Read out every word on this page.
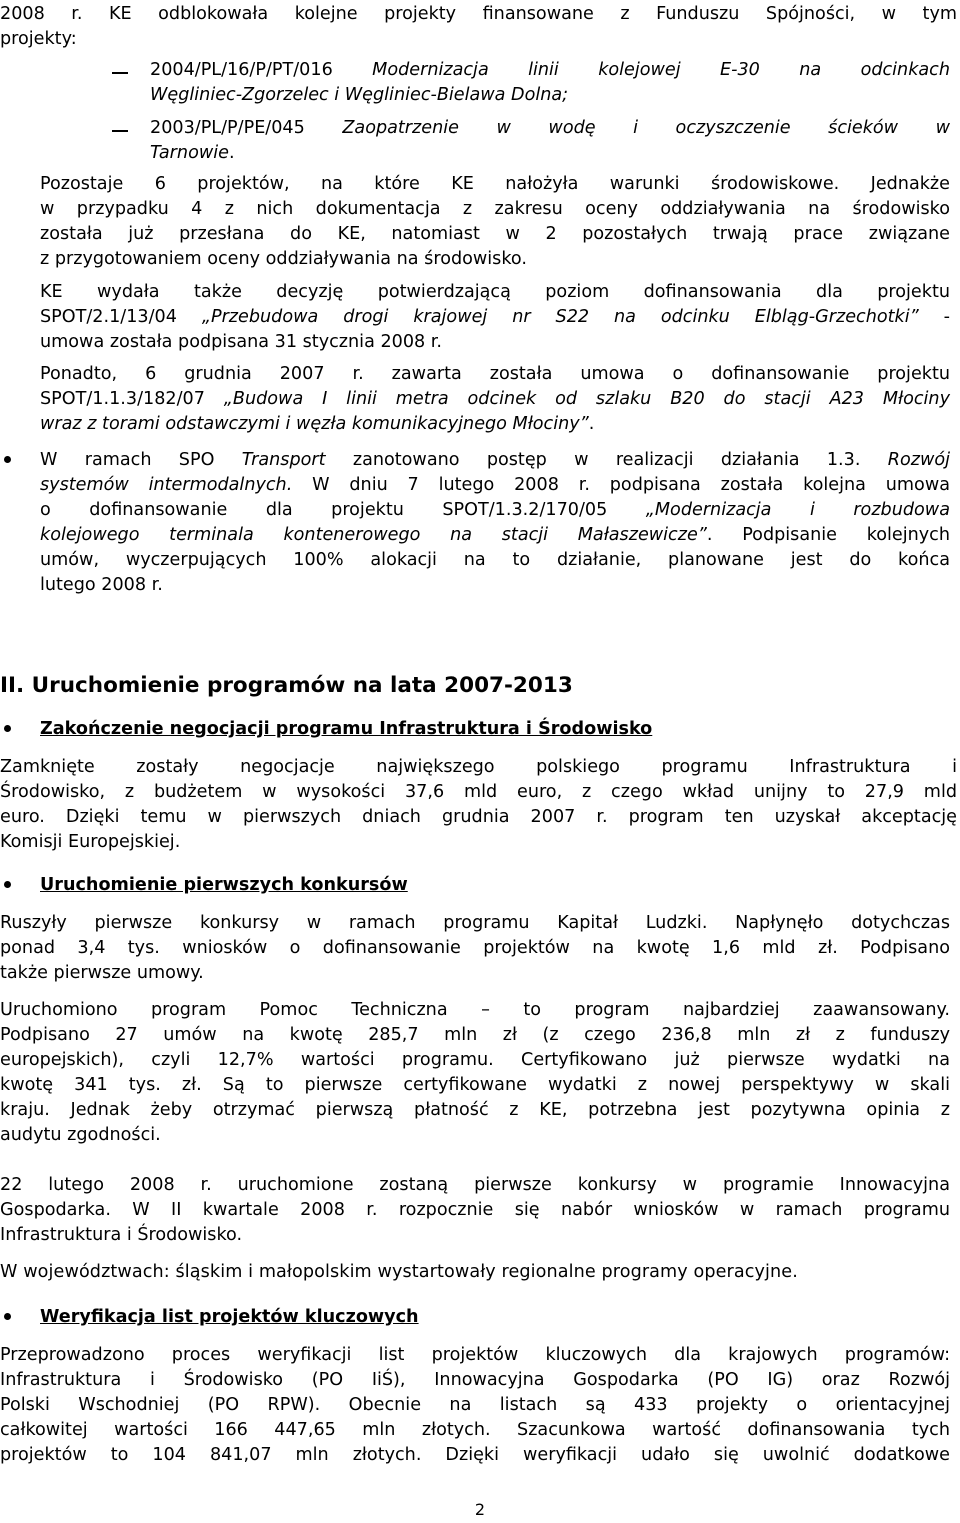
2008 r. KE odblokowała kolejne projekty finansowane z Funduszu Spójności, w tym
projekty:
2004/PL/16/P/PT/016 Modernizacja linii kolejowej E-30 na odcinkach
Węgliniec-Zgorzelec i Węgliniec-Bielawa Dolna;
2003/PL/P/PE/045 Zaopatrzenie w wodę i oczyszczenie ścieków w
Tarnowie.
Pozostaje 6 projektów, na które KE nałożyła warunki środowiskowe. Jednakże
w przypadku 4 z nich dokumentacja z zakresu oceny oddziaływania na środowisko
została już przesłana do KE, natomiast w 2 pozostałych trwają prace związane
z przygotowaniem oceny oddziaływania na środowisko.
KE wydała także decyzję potwierdzającą poziom dofinansowania dla projektu
SPOT/2.1/13/04 „Przebudowa drogi krajowej nr S22 na odcinku Elbląg-Grzechotki” -
umowa została podpisana 31 stycznia 2008 r.
Ponadto, 6 grudnia 2007 r. zawarta została umowa o dofinansowanie projektu
SPOT/1.1.3/182/07 „Budowa I linii metra odcinek od szlaku B20 do stacji A23 Młociny
wraz z torami odstawczymi i węzła komunikacyjnego Młociny”.
W ramach SPO Transport zanotowano postęp w realizacji działania 1.3. Rozwój
systemów intermodalnych. W dniu 7 lutego 2008 r. podpisana została kolejna umowa
o dofinansowanie dla projektu SPOT/1.3.2/170/05 „Modernizacja i rozbudowa
kolejowego terminala kontenerowego na stacji Małaszewicze”. Podpisanie kolejnych
umów, wyczerpujących 100% alokacji na to działanie, planowane jest do końca
lutego 2008 r.
II. Uruchomienie programów na lata 2007-2013
Zakończenie negocjacji programu Infrastruktura i Środowisko
Zamknięte zostały negocjacje największego polskiego programu Infrastruktura i
Środowisko, z budżetem w wysokości 37,6 mld euro, z czego wkład unijny to 27,9 mld
euro. Dzięki temu w pierwszych dniach grudnia 2007 r. program ten uzyskał akceptację
Komisji Europejskiej.
Uruchomienie pierwszych konkursów
Ruszyły pierwsze konkursy w ramach programu Kapitał Ludzki. Napłynęło dotychczas
ponad 3,4 tys. wniosków o dofinansowanie projektów na kwotę 1,6 mld zł. Podpisano
także pierwsze umowy.
Uruchomiono program Pomoc Techniczna – to program najbardziej zaawansowany.
Podpisano 27 umów na kwotę 285,7 mln zł (z czego 236,8 mln zł z funduszy
europejskich), czyli 12,7% wartości programu. Certyfikowano już pierwsze wydatki na
kwotę 341 tys. zł. Są to pierwsze certyfikowane wydatki z nowej perspektywy w skali
kraju. Jednak żeby otrzymać pierwszą płatność z KE, potrzebna jest pozytywna opinia z
audytu zgodności.
22 lutego 2008 r. uruchomione zostaną pierwsze konkursy w programie Innowacyjna
Gospodarka. W II kwartale 2008 r. rozpocznie się nabór wniosków w ramach programu
Infrastruktura i Środowisko.
W województwach: śląskim i małopolskim wystartowały regionalne programy operacyjne.
Weryfikacja list projektów kluczowych
Przeprowadzono proces weryfikacji list projektów kluczowych dla krajowych programów:
Infrastruktura i Środowisko (PO IiŚ), Innowacyjna Gospodarka (PO IG) oraz Rozwój
Polski Wschodniej (PO RPW). Obecnie na listach są 433 projekty o orientacyjnej
całkowitej wartości 166 447,65 mln złotych. Szacunkowa wartość dofinansowania tych
projektów to 104 841,07 mln złotych. Dzięki weryfikacji udało się uwolnić dodatkowe
2
